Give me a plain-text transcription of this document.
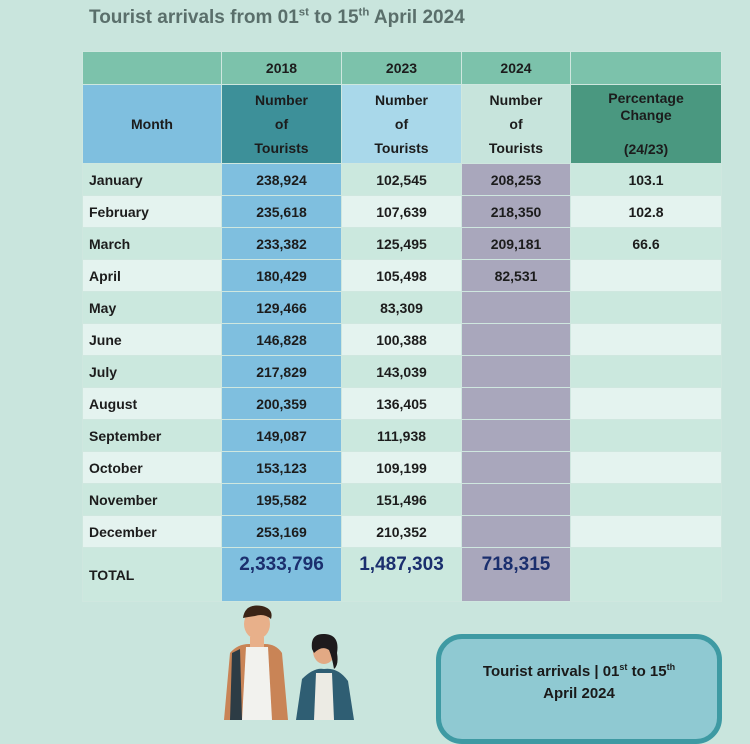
Tourist arrivals from 01st to 15th April 2024
	2018	2023	2024	
Month	Number
of
Tourists	Number
of
Tourists	Number
of
Tourists	Percentage
Change

(24/23)
January	238,924	102,545	208,253	103.1
February	235,618	107,639	218,350	102.8
March	233,382	125,495	209,181	66.6
April	180,429	105,498	82,531	
May	129,466	83,309		
June	146,828	100,388		
July	217,829	143,039		
August	200,359	136,405		
September	149,087	111,938		
October	153,123	109,199		
November	195,582	151,496		
December	253,169	210,352		
TOTAL	2,333,796	1,487,303	718,315	
Tourist arrivals | 01st to 15th
April 2024
